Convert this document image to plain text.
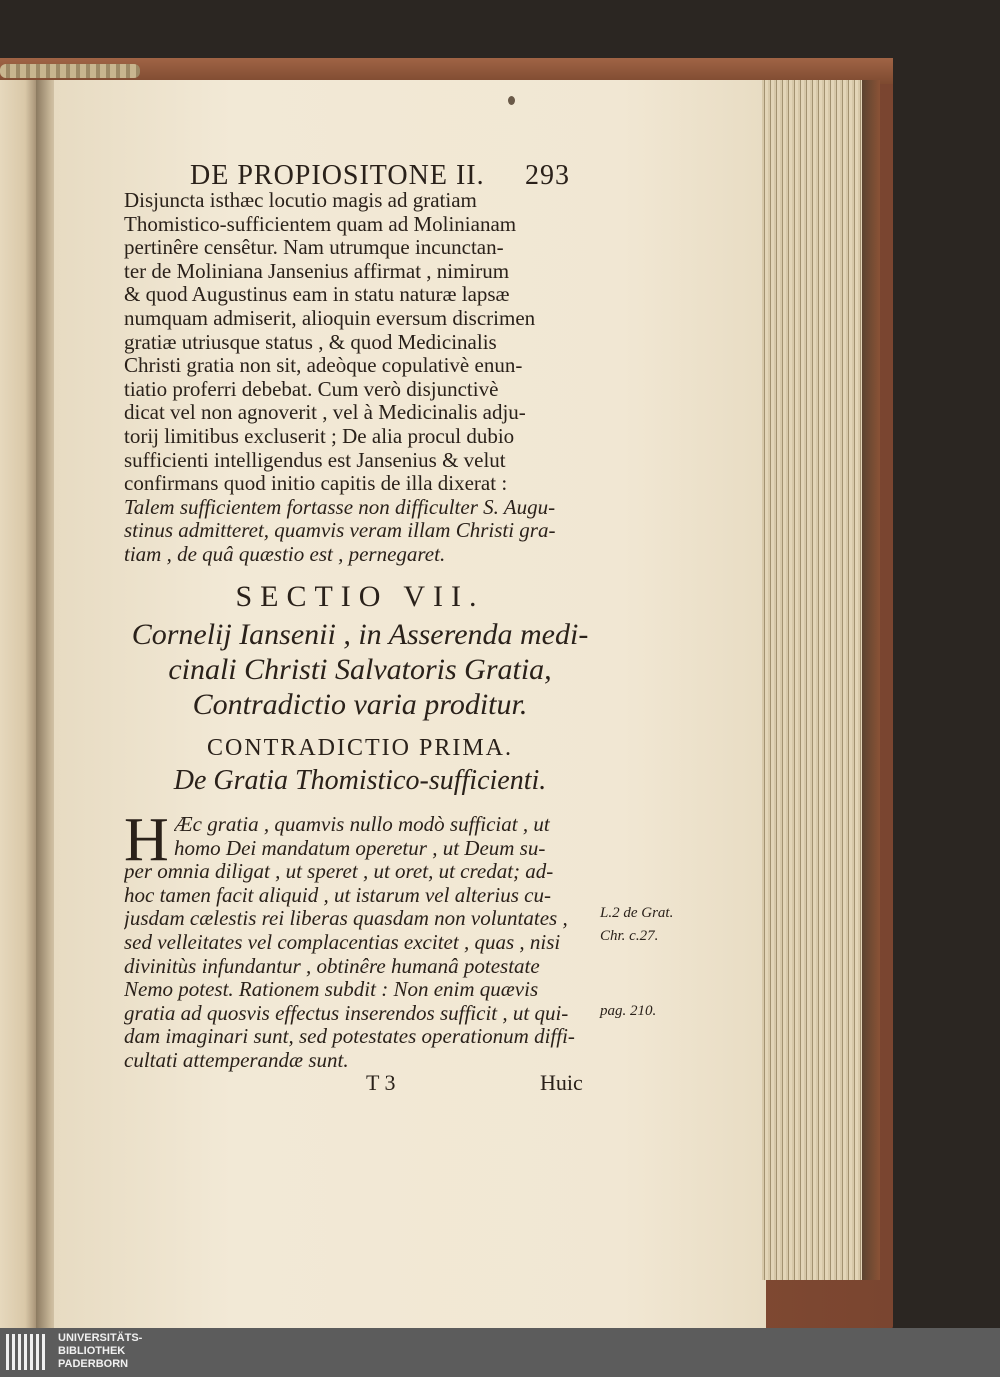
DE PROPIOSITONE II. 293
Disjuncta isthæc locutio magis ad gratiam
Thomistico-sufficientem quam ad Molinianam
pertinêre censêtur. Nam utrumque incunctan-
ter de Moliniana Jansenius affirmat , nimirum
& quod Augustinus eam in statu naturæ lapsæ
numquam admiserit, alioquin eversum discrimen
gratiæ utriusque status , & quod Medicinalis
Christi gratia non sit, adeòque copulativè enun-
tiatio proferri debebat. Cum verò disjunctivè
dicat vel non agnoverit , vel à Medicinalis adju-
torij limitibus excluserit ; De alia procul dubio
sufficienti intelligendus est Jansenius & velut
confirmans quod initio capitis de illa dixerat :
Talem sufficientem fortasse non difficulter S. Augu-
stinus admitteret, quamvis veram illam Christi gra-
tiam , de quâ quæstio est , pernegaret.
SECTIO VII.
Cornelij Iansenii , in Asserenda medi-
cinali Christi Salvatoris Gratia,
Contradictio varia proditur.
CONTRADICTIO PRIMA.
De Gratia Thomistico-sufficienti.
H Æc gratia , quamvis nullo modò sufficiat , ut
homo Dei mandatum operetur , ut Deum su-
per omnia diligat , ut speret , ut oret, ut credat; ad-
hoc tamen facit aliquid , ut istarum vel alterius cu-
jusdam cælestis rei liberas quasdam non voluntates ,
sed velleitates vel complacentias excitet , quas , nisi
divinitùs infundantur , obtinêre humanâ potestate
Nemo potest. Rationem subdit : Non enim quævis
gratia ad quosvis effectus inserendos sufficit , ut qui-
dam imaginari sunt, sed potestates operationum diffi-
cultati attemperandæ sunt.
L.2 de Grat.
Chr. c.27.
pag. 210.
T 3	Huic
UNIVERSITÄTS-
BIBLIOTHEK
PADERBORN
